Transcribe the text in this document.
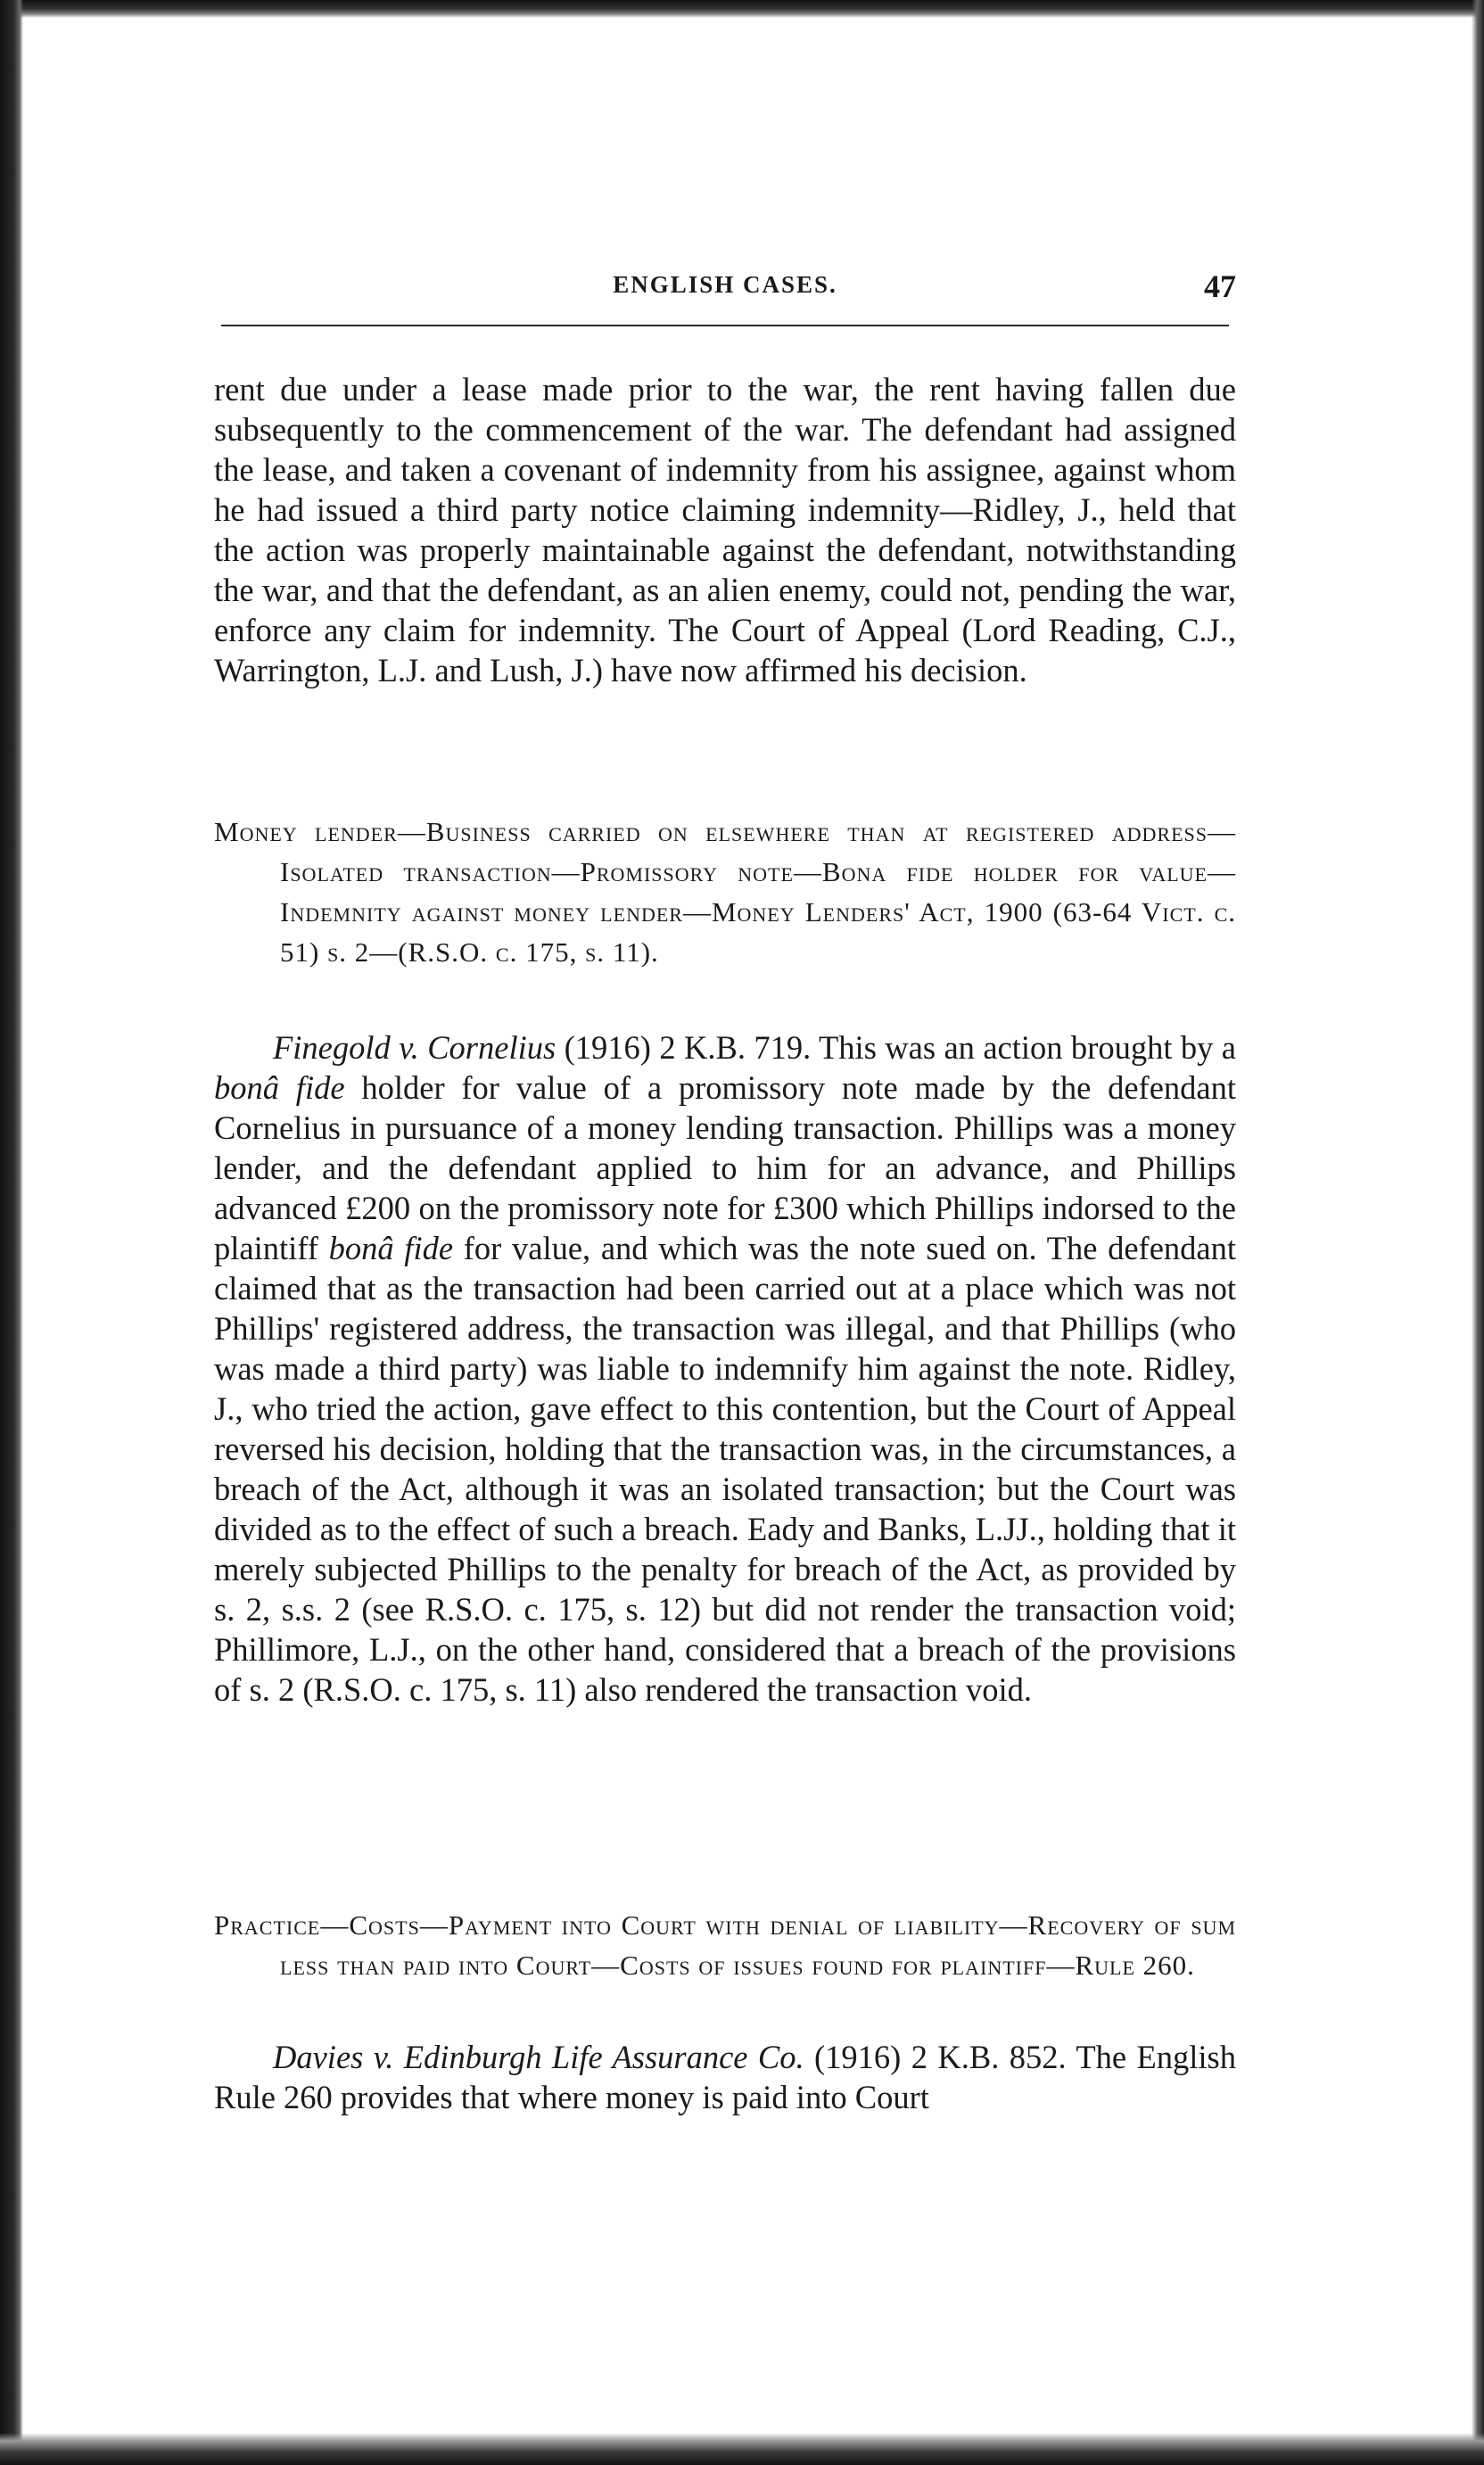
ENGLISH CASES.	47

rent due under a lease made prior to the war, the rent having fallen due subsequently to the commencement of the war. The defendant had assigned the lease, and taken a covenant of indemnity from his assignee, against whom he had issued a third party notice claiming indemnity—Ridley, J., held that the action was properly maintainable against the defendant, notwithstanding the war, and that the defendant, as an alien enemy, could not, pending the war, enforce any claim for indemnity. The Court of Appeal (Lord Reading, C.J., Warrington, L.J. and Lush, J.) have now affirmed his decision.

Money lender—Business carried on elsewhere than at registered address—Isolated transaction—Promissory note—Bona fide holder for value—Indemnity against money lender—Money Lenders' Act, 1900 (63-64 Vict. c. 51) s. 2—(R.S.O. c. 175, s. 11).

Finegold v. Cornelius (1916) 2 K.B. 719. This was an action brought by a bonâ fide holder for value of a promissory note made by the defendant Cornelius in pursuance of a money lending transaction. Phillips was a money lender, and the defendant applied to him for an advance, and Phillips advanced £200 on the promissory note for £300 which Phillips indorsed to the plaintiff bonâ fide for value, and which was the note sued on. The defendant claimed that as the transaction had been carried out at a place which was not Phillips' registered address, the transaction was illegal, and that Phillips (who was made a third party) was liable to indemnify him against the note. Ridley, J., who tried the action, gave effect to this contention, but the Court of Appeal reversed his decision, holding that the transaction was, in the circumstances, a breach of the Act, although it was an isolated transaction; but the Court was divided as to the effect of such a breach. Eady and Banks, L.JJ., holding that it merely subjected Phillips to the penalty for breach of the Act, as provided by s. 2, s.s. 2 (see R.S.O. c. 175, s. 12) but did not render the transaction void; Phillimore, L.J., on the other hand, considered that a breach of the provisions of s. 2 (R.S.O. c. 175, s. 11) also rendered the transaction void.

Practice—Costs—Payment into Court with denial of liability—Recovery of sum less than paid into Court—Costs of issues found for plaintiff—Rule 260.

Davies v. Edinburgh Life Assurance Co. (1916) 2 K.B. 852. The English Rule 260 provides that where money is paid into Court
